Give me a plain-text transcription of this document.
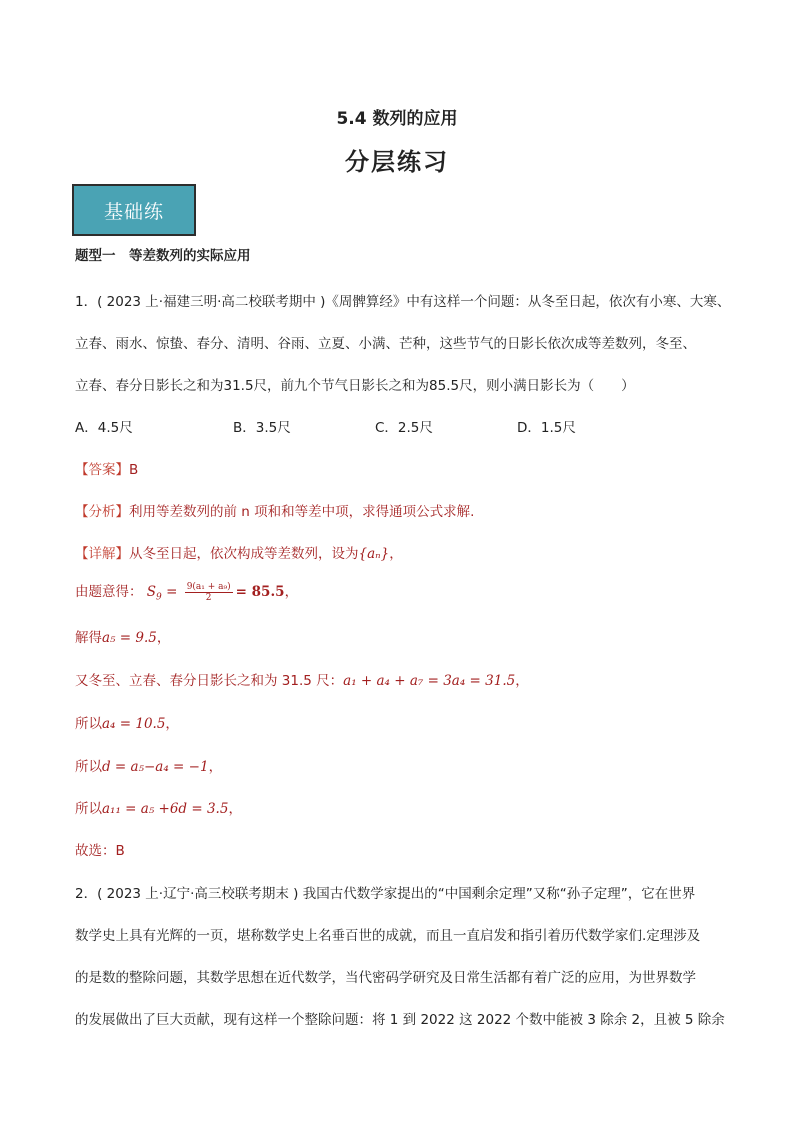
5.4 数列的应用
分层练习
基础练
题型一　等差数列的实际应用
1．( 2023 上·福建三明·高二校联考期中 )《周髀算经》中有这样一个问题：从冬至日起，依次有小寒、大寒、
立春、雨水、惊蛰、春分、清明、谷雨、立夏、小满、芒种，这些节气的日影长依次成等差数列，冬至、
立春、春分日影长之和为31.5尺，前九个节气日影长之和为85.5尺，则小满日影长为（　　）
A．4.5尺	B．3.5尺	C．2.5尺	D．1.5尺
【答案】B
【分析】利用等差数列的前 n 项和和等差中项，求得通项公式求解.
【详解】从冬至日起，依次构成等差数列，设为{aₙ}，
由题意得： $S_9 = \frac{\text{9(a₁ + a₉)}}{2} = 85.5$，
解得a₅ = 9.5，
又冬至、立春、春分日影长之和为 31.5 尺：a₁ + a₄ + a₇ = 3a₄ = 31.5，
所以a₄ = 10.5，
所以d = a₅−a₄ = −1，
所以a₁₁ = a₅ +6d = 3.5，
故选：B
2．( 2023 上·辽宁·高三校联考期末 ) 我国古代数学家提出的“中国剩余定理”又称“孙子定理”，它在世界
数学史上具有光辉的一页，堪称数学史上名垂百世的成就，而且一直启发和指引着历代数学家们.定理涉及
的是数的整除问题，其数学思想在近代数学，当代密码学研究及日常生活都有着广泛的应用，为世界数学
的发展做出了巨大贡献，现有这样一个整除问题：将 1 到 2022 这 2022 个数中能被 3 除余 2，且被 5 除余
